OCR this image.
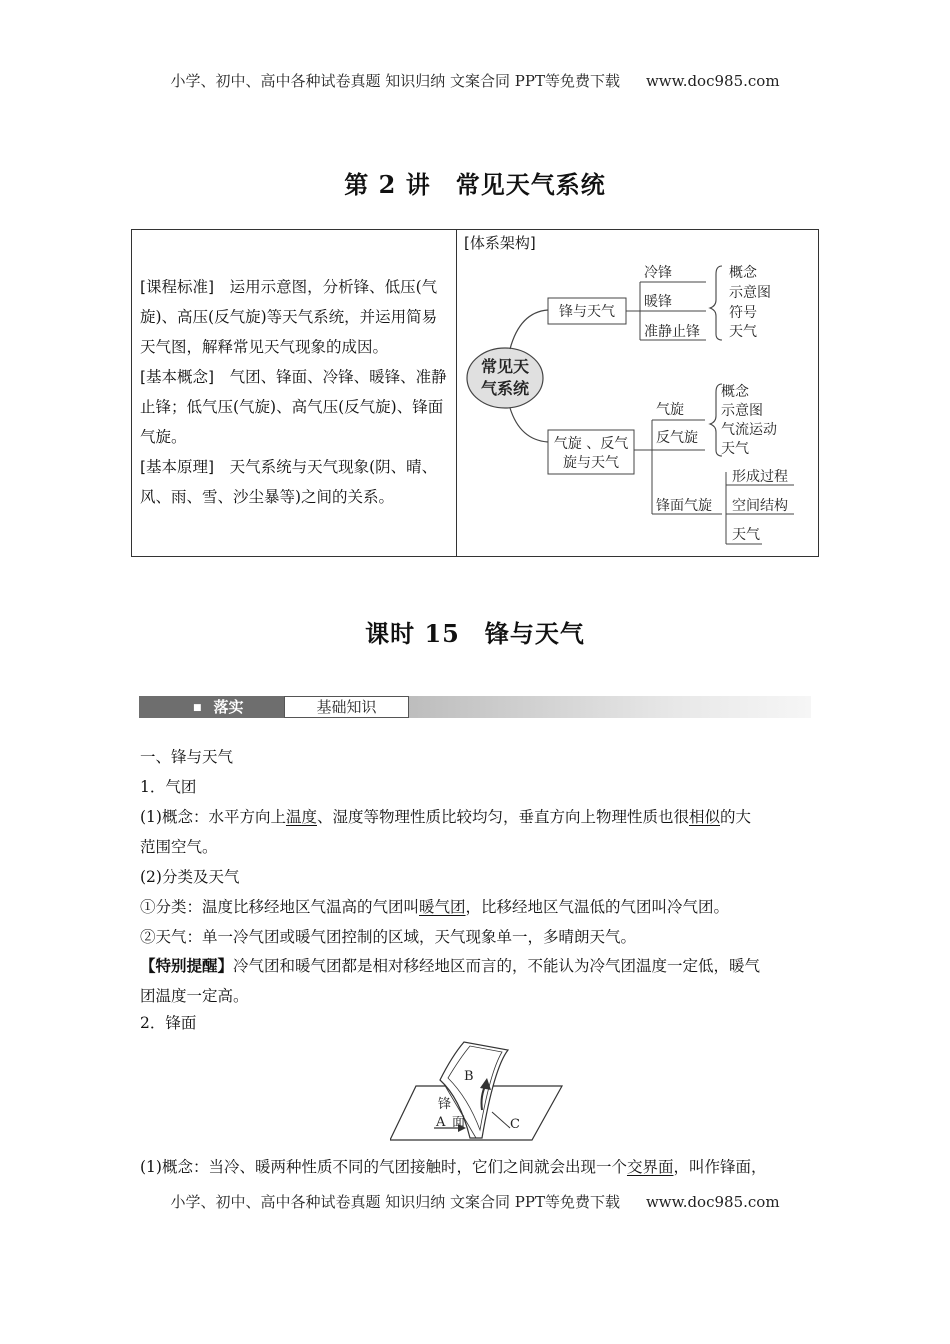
小学、初中、高中各种试卷真题 知识归纳 文案合同 PPT等免费下载 www.doc985.com
第 2 讲　常见天气系统

[课程标准]　 运用示意图，分析锋、低压(气旋)、高压(反气旋)等天气系统，并运用简易天气图，解释常见天气现象的成因。

[基本概念]　 气团、锋面、冷锋、暖锋、准静止锋；低气压(气旋)、高气压(反气旋)、锋面气旋。

[基本原理]　 天气系统与天气现象(阴、晴、风、雨、雪、沙尘暴等)之间的关系。

[体系架构]
常见天
气系统
锋与天气
冷锋
暖锋
准静止锋
概念
示意图
符号
天气
气旋 、反气
旋与天气
气旋
反气旋
概念
示意图
气流运动
天气
锋面气旋
形成过程
空间结构
天气
课时 15　锋与天气
■ 落实	基础知识

一、锋与天气

1．气团

(1)概念：水平方向上温度、湿度等物理性质比较均匀，垂直方向上物理性质也很相似的大

范围空气。

(2)分类及天气

①分类：温度比移经地区气温高的气团叫暖气团，比移经地区气温低的气团叫冷气团。

②天气：单一冷气团或暖气团控制的区域，天气现象单一，多晴朗天气。

【特别提醒】冷气团和暖气团都是相对移经地区而言的，不能认为冷气团温度一定低，暖气

团温度一定高。

2．锋面

B
锋
面
A	C

(1)概念：当冷、暖两种性质不同的气团接触时，它们之间就会出现一个交界面，叫作锋面，

小学、初中、高中各种试卷真题 知识归纳 文案合同 PPT等免费下载 www.doc985.com
